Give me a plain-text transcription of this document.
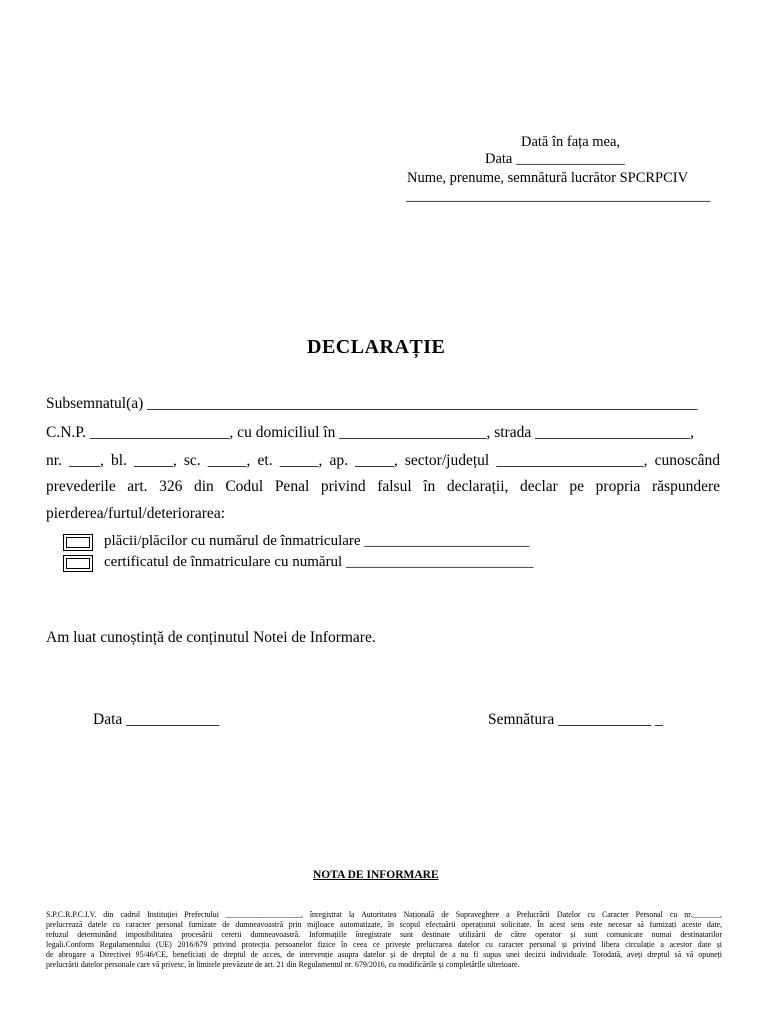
Dată în fața mea,
Data _______________
Nume, prenume, semnătură lucrător SPCRPCIV
__________________________________________
DECLARAȚIE
Subsemnatul(a) _______________________________________________________________________
C.N.P. __________________, cu domiciliul în ___________________, strada ____________________,
nr. ____, bl. _____, sc. _____, et. _____, ap. _____, sector/județul ___________________, cunoscând
prevederile art. 326 din Codul Penal privind falsul în declarații, declar pe propria răspundere
pierderea/furtul/deteriorarea:
plăcii/plăcilor cu numărul de înmatriculare ______________________
certificatul de înmatriculare cu numărul _________________________
Am luat cunoștință de conținutul Notei de Informare.
Data ____________	Semnătura ____________ _
NOTA DE INFORMARE
S.P.C.R.P.C.I.V. din cadrul Instituției Prefectului ___________________, înregistrat la Autoritatea Națională de Supraveghere a Prelucrării Datelor cu Caracter Personal cu nr._______,
prelucrează datele cu caracter personal furnizate de dumneavoastră prin mijloace automatizate, în scopul efectuării operațiunii solicitate. În acest sens este necesar să furnizați aceste date,
refuzul determinând imposibilitatea procesării cererii dumneavoastră. Informațiile înregistrate sunt destinate utilizării de către operator și sunt comunicate numai destinatarilor
legali.Conform Regulamentului (UE) 2016/679 privind protecția persoanelor fizice în ceea ce privește prelucrarea datelor cu caracter personal și privind libera circulație a acestor date și
de abrogare a Directivei 95/46/CE, beneficiați de dreptul de acces, de intervenție asupra datelor și de dreptul de a nu fi supus unei decizii individuale. Totodată, aveți dreptul să vă opuneți
prelucrării datelor personale care vă privesc, în limitele prevăzute de art. 21 din Regulamentul nr. 679/2016, cu modificările și completările ulterioare.
